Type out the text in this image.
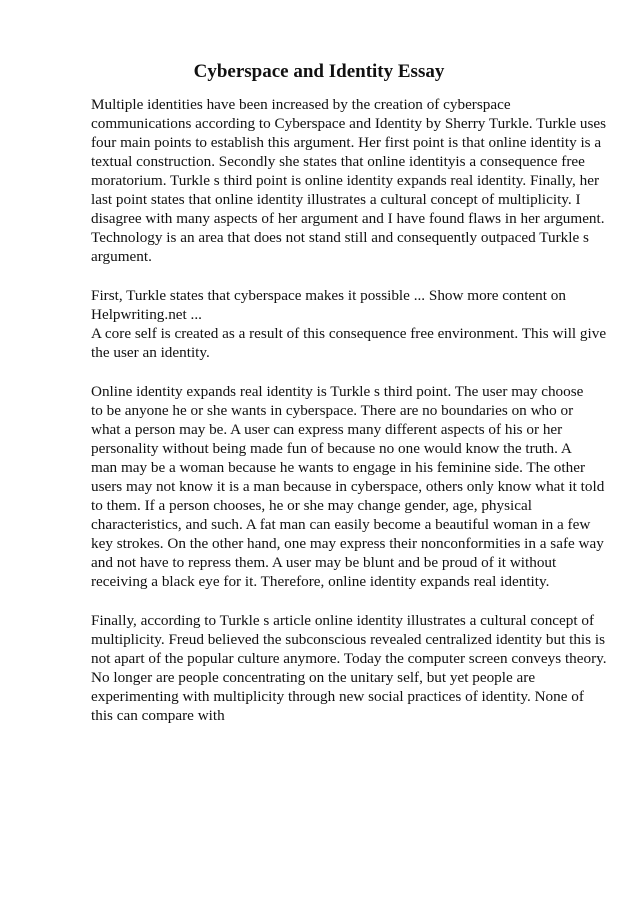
Cyberspace and Identity Essay

Multiple identities have been increased by the creation of cyberspace
communications according to Cyberspace and Identity by Sherry Turkle. Turkle uses
four main points to establish this argument. Her first point is that online identity is a
textual construction. Secondly she states that online identityis a consequence free
moratorium. Turkle s third point is online identity expands real identity. Finally, her
last point states that online identity illustrates a cultural concept of multiplicity. I
disagree with many aspects of her argument and I have found flaws in her argument.
Technology is an area that does not stand still and consequently outpaced Turkle s
argument.

First, Turkle states that cyberspace makes it possible ... Show more content on
Helpwriting.net ...
A core self is created as a result of this consequence free environment. This will give
the user an identity.

Online identity expands real identity is Turkle s third point. The user may choose
to be anyone he or she wants in cyberspace. There are no boundaries on who or
what a person may be. A user can express many different aspects of his or her
personality without being made fun of because no one would know the truth. A
man may be a woman because he wants to engage in his feminine side. The other
users may not know it is a man because in cyberspace, others only know what it told
to them. If a person chooses, he or she may change gender, age, physical
characteristics, and such. A fat man can easily become a beautiful woman in a few
key strokes. On the other hand, one may express their nonconformities in a safe way
and not have to repress them. A user may be blunt and be proud of it without
receiving a black eye for it. Therefore, online identity expands real identity.

Finally, according to Turkle s article online identity illustrates a cultural concept of
multiplicity. Freud believed the subconscious revealed centralized identity but this is
not apart of the popular culture anymore. Today the computer screen conveys theory.
No longer are people concentrating on the unitary self, but yet people are
experimenting with multiplicity through new social practices of identity. None of
this can compare with
